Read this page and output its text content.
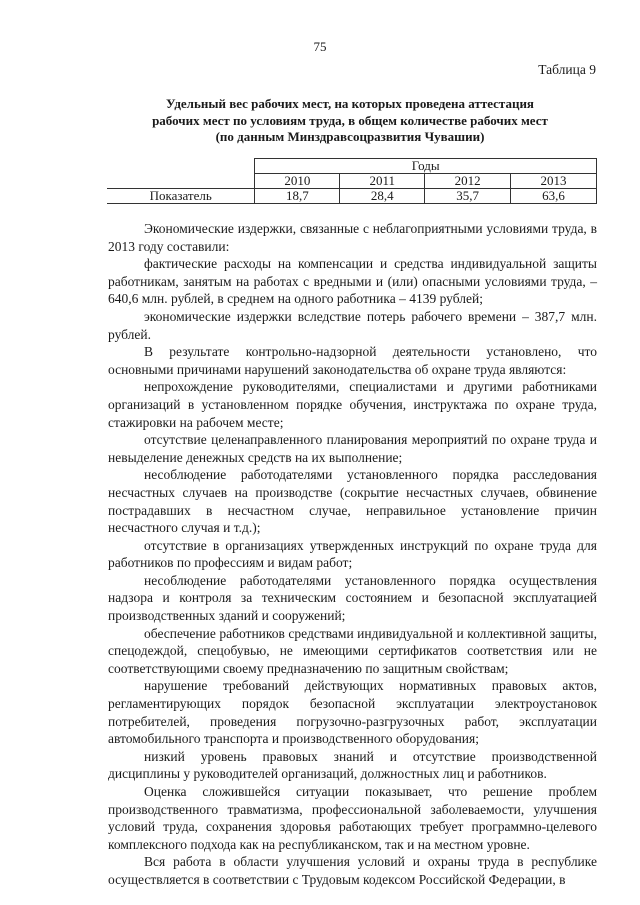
75
Таблица 9
Удельный вес рабочих мест, на которых проведена аттестация
рабочих мест по условиям труда, в общем количестве рабочих мест
(по данным Минздравсоцразвития Чувашии)
	Годы			
	2010	2011	2012	2013
Показатель	18,7	28,4	35,7	63,6

Экономические издержки, связанные с неблагоприятными условиями труда, в 2013 году составили:

фактические расходы на компенсации и средства индивидуальной защиты работникам, занятым на работах с вредными и (или) опасными условиями труда, – 640,6 млн. рублей, в среднем на одного работника – 4139 рублей;

экономические издержки вследствие потерь рабочего времени – 387,7 млн. рублей.

В результате контрольно-надзорной деятельности установлено, что основными причинами нарушений законодательства об охране труда являются:

непрохождение руководителями, специалистами и другими работниками организаций в установленном порядке обучения, инструктажа по охране труда, стажировки на рабочем месте;

отсутствие целенаправленного планирования мероприятий по охране труда и невыделение денежных средств на их выполнение;

несоблюдение работодателями установленного порядка расследования несчастных случаев на производстве (сокрытие несчастных случаев, обвинение пострадавших в несчастном случае, неправильное установление причин несчастного случая и т.д.);

отсутствие в организациях утвержденных инструкций по охране труда для работников по профессиям и видам работ;

несоблюдение работодателями установленного порядка осуществления надзора и контроля за техническим состоянием и безопасной эксплуатацией производственных зданий и сооружений;

обеспечение работников средствами индивидуальной и коллективной защиты, спецодеждой, спецобувью, не имеющими сертификатов соответствия или не соответствующими своему предназначению по защитным свойствам;

нарушение требований действующих нормативных правовых актов, регламентирующих порядок безопасной эксплуатации электроустановок потребителей, проведения погрузочно-разгрузочных работ, эксплуатации автомобильного транспорта и производственного оборудования;

низкий уровень правовых знаний и отсутствие производственной дисциплины у руководителей организаций, должностных лиц и работников.

Оценка сложившейся ситуации показывает, что решение проблем производственного травматизма, профессиональной заболеваемости, улучшения условий труда, сохранения здоровья работающих требует программно-целевого комплексного подхода как на республиканском, так и на местном уровне.

Вся работа в области улучшения условий и охраны труда в республике осуществляется в соответствии с Трудовым кодексом Российской Федерации, в
